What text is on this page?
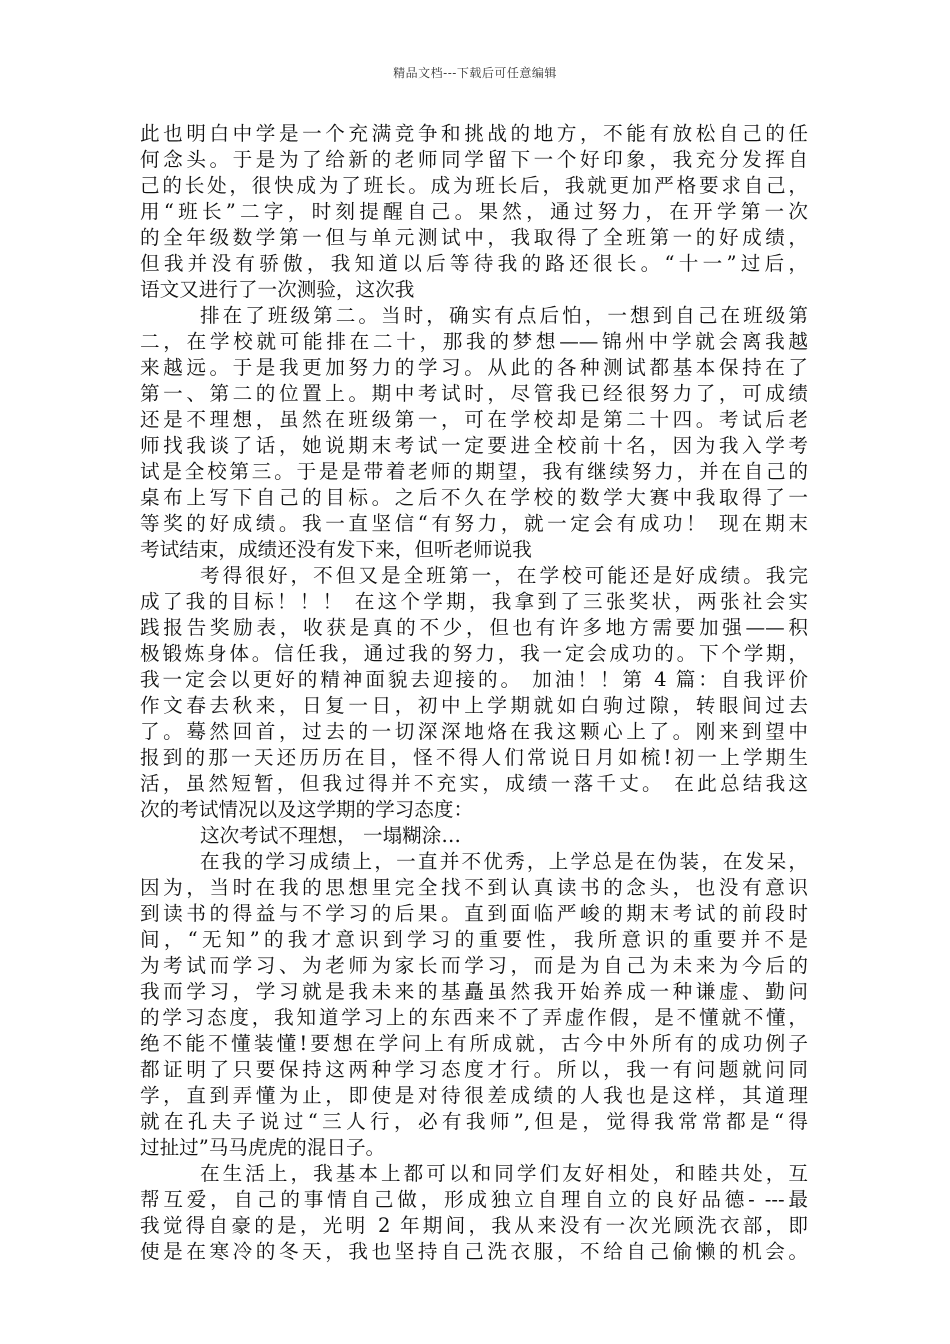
精品文档---下载后可任意编辑
此也明白中学是一个充满竞争和挑战的地方，不能有放松自己的任
何念头。于是为了给新的老师同学留下一个好印象，我充分发挥自
己的长处，很快成为了班长。成为班长后，我就更加严格要求自己，
用“班长”二字，时刻提醒自己。果然，通过努力，在开学第一次
的全年级数学第一但与单元测试中，我取得了全班第一的好成绩，
但我并没有骄傲，我知道以后等待我的路还很长。“十一”过后，
语文又进行了一次测验，这次我
排在了班级第二。当时，确实有点后怕，一想到自己在班级第
二，在学校就可能排在二十，那我的梦想——锦州中学就会离我越
来越远。于是我更加努力的学习。从此的各种测试都基本保持在了
第一、第二的位置上。期中考试时，尽管我已经很努力了，可成绩
还是不理想，虽然在班级第一，可在学校却是第二十四。考试后老
师找我谈了话，她说期末考试一定要进全校前十名，因为我入学考
试是全校第三。于是是带着老师的期望，我有继续努力，并在自己的
桌布上写下自己的目标。之后不久在学校的数学大赛中我取得了一
等奖的好成绩。我一直坚信“有努力，就一定会有成功！ 现在期末
考试结束，成绩还没有发下来，但听老师说我
考得很好，不但又是全班第一，在学校可能还是好成绩。我完
成了我的目标！！！ 在这个学期，我拿到了三张奖状，两张社会实
践报告奖励表，收获是真的不少，但也有许多地方需要加强——积
极锻炼身体。信任我，通过我的努力，我一定会成功的。下个学期，
我一定会以更好的精神面貌去迎接的。 加油！！第 4 篇：自我评价
作文春去秋来，日复一日，初中上学期就如白驹过隙，转眼间过去
了。蓦然回首，过去的一切深深地烙在我这颗心上了。刚来到望中
报到的那一天还历历在目，怪不得人们常说日月如梳!初一上学期生
活，虽然短暂，但我过得并不充实，成绩一落千丈。 在此总结我这
次的考试情况以及这学期的学习态度：
这次考试不理想， 一塌糊涂…
在我的学习成绩上，一直并不优秀，上学总是在伪装，在发呆，
因为，当时在我的思想里完全找不到认真读书的念头，也没有意识
到读书的得益与不学习的后果。直到面临严峻的期末考试的前段时
间，“无知”的我才意识到学习的重要性，我所意识的重要并不是
为考试而学习、为老师为家长而学习，而是为自己为未来为今后的
我而学习，学习就是我未来的基矗虽然我开始养成一种谦虚、勤问
的学习态度，我知道学习上的东西来不了弄虚作假，是不懂就不懂，
绝不能不懂装懂!要想在学问上有所成就，古今中外所有的成功例子
都证明了只要保持这两种学习态度才行。所以，我一有问题就问同
学，直到弄懂为止，即使是对待很差成绩的人我也是这样，其道理
就在孔夫子说过“三人行，必有我师”,但是，觉得我常常都是“得
过扯过”马马虎虎的混日子。
在生活上，我基本上都可以和同学们友好相处，和睦共处，互
帮互爱，自己的事情自己做，形成独立自理自立的良好品德- ---最
我觉得自豪的是，光明 2 年期间，我从来没有一次光顾洗衣部，即
使是在寒冷的冬天，我也坚持自己洗衣服，不给自己偷懒的机会。
